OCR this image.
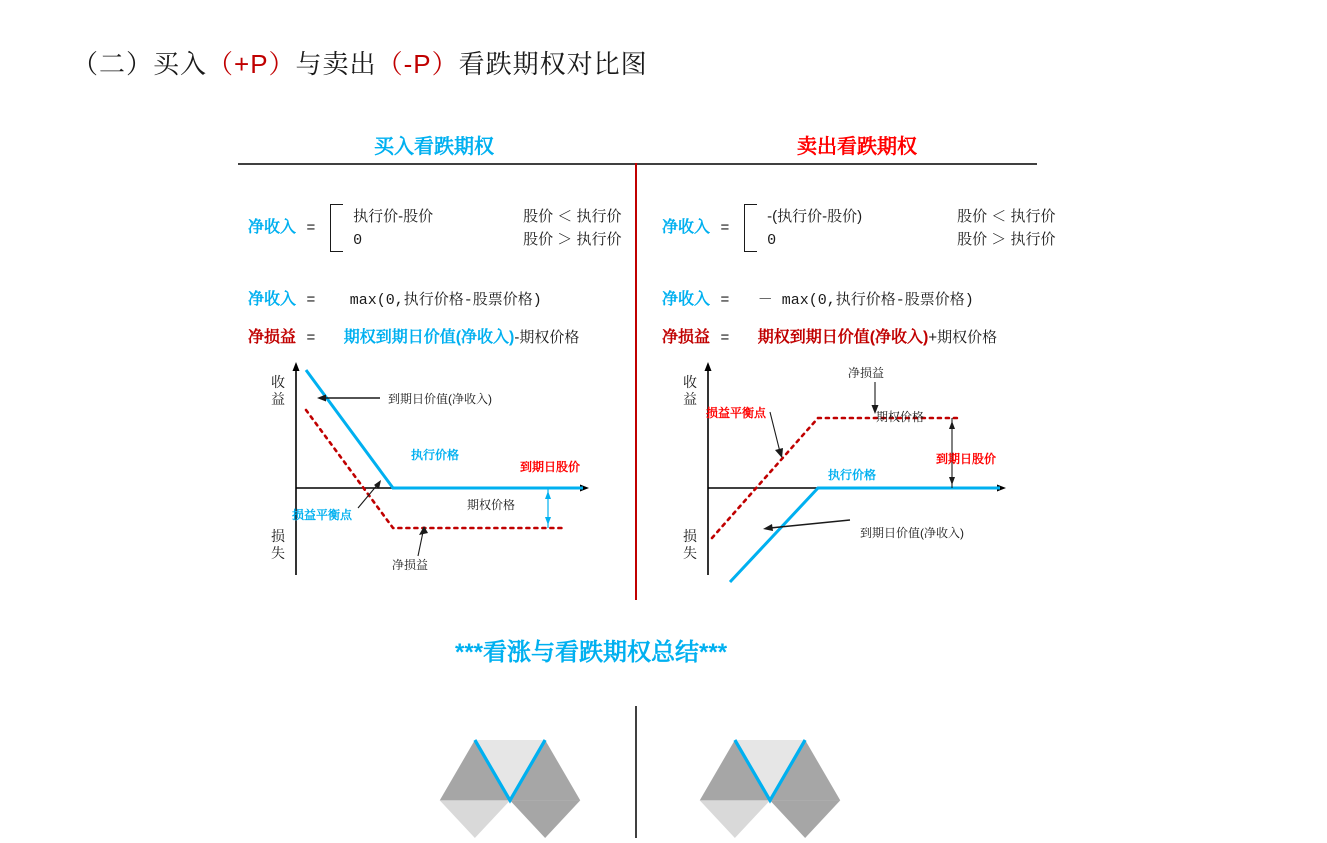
（二）买入（+P）与卖出（-P）看跌期权对比图
买入看跌期权	卖出看跌期权
净收入 =
执行价-股价	股价 ＜ 执行价
0	股价 ＞ 执行价
净收入 = max(0,执行价格-股票价格)
净损益 = 期权到期日价值(净收入)-期权价格
净收入 =
-(执行价-股价)	股价 ＜ 执行价
0	股价 ＞ 执行价
净收入 = － max(0,执行价格-股票价格)
净损益 = 期权到期日价值(净收入)+期权价格
收益
损失
到期日价值(净收入)
执行价格
到期日股价
期权价格
损益平衡点
净损益
收益
损失
净损益
损益平衡点	期权价格
执行价格
到期日股价
到期日价值(净收入)
***看涨与看跌期权总结***
